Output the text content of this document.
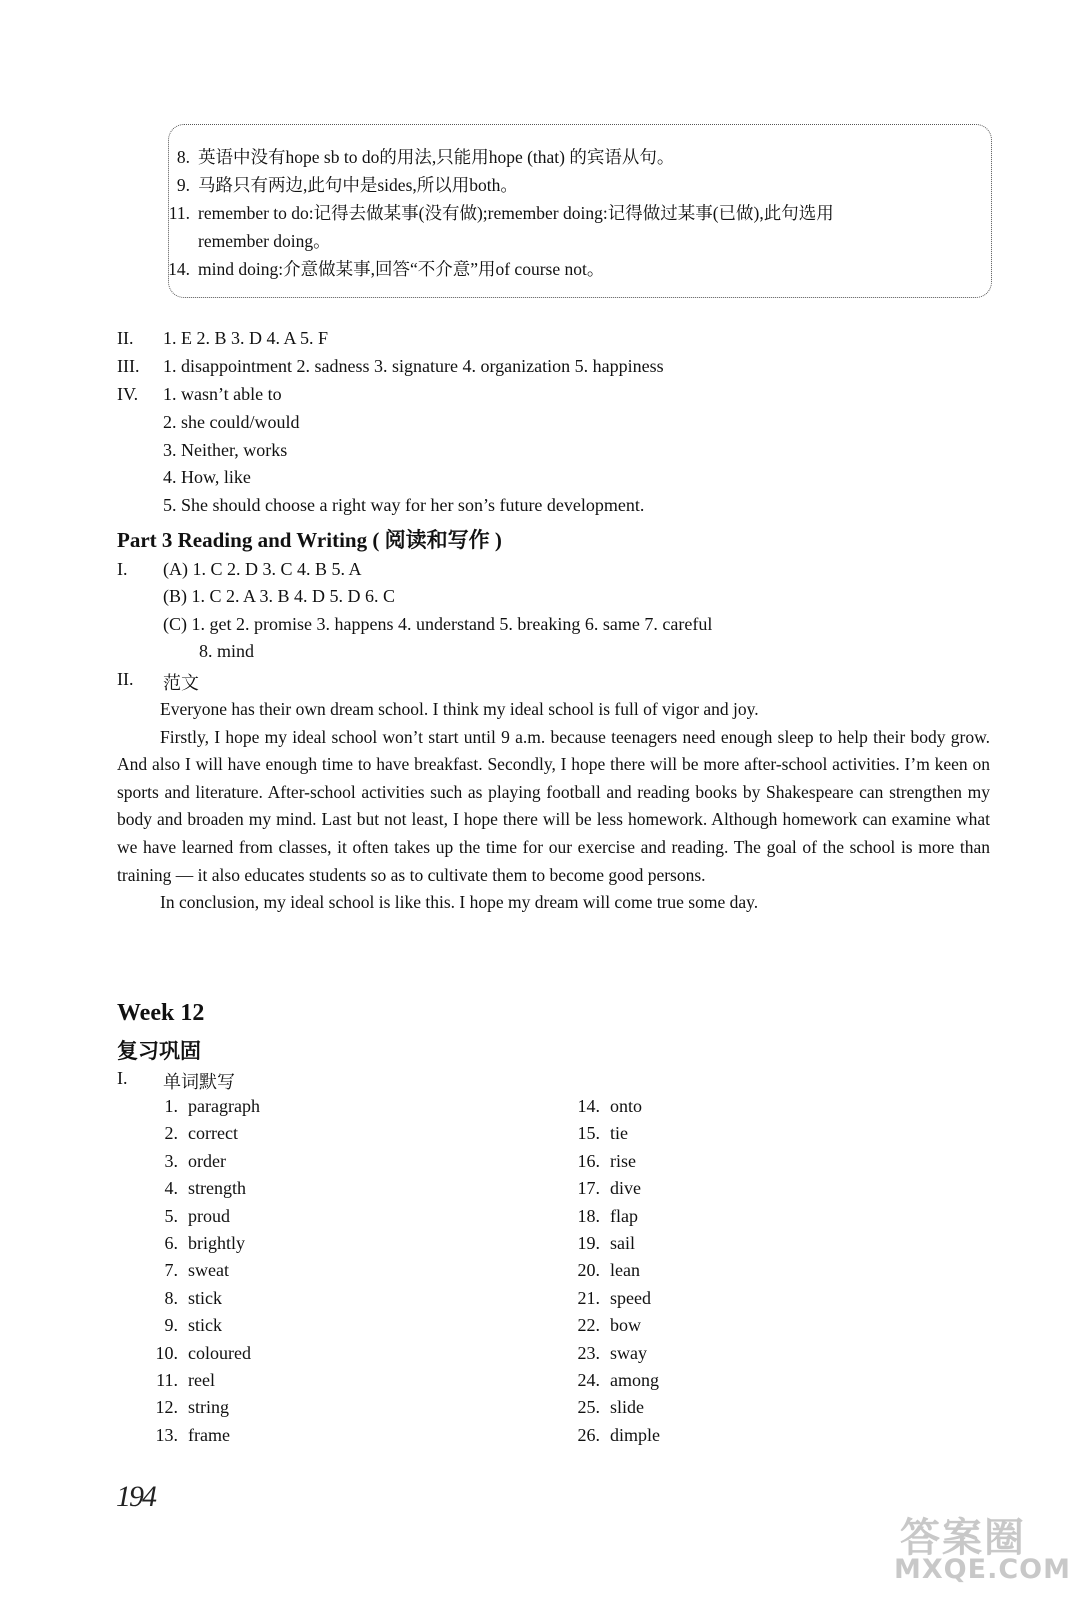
8. 英语中没有hope sb to do的用法,只能用hope (that) 的宾语从句。
9. 马路只有两边,此句中是sides,所以用both。
11. remember to do:记得去做某事(没有做);remember doing:记得做过某事(已做),此句选用
remember doing。
14. mind doing:介意做某事,回答“不介意”用of course not。
II. 1. E 2. B 3. D 4. A 5. F
III. 1. disappointment 2. sadness 3. signature 4. organization 5. happiness
IV. 1. wasn’t able to
2. she could/would
3. Neither, works
4. How, like
5. She should choose a right way for her son’s future development.
Part 3 Reading and Writing ( 阅读和写作 )
I. (A) 1. C 2. D 3. C 4. B 5. A
(B) 1. C 2. A 3. B 4. D 5. D 6. C
(C) 1. get 2. promise 3. happens 4. understand 5. breaking 6. same 7. careful
8. mind
II. 范文

Everyone has their own dream school. I think my ideal school is full of vigor and joy.

Firstly, I hope my ideal school won’t start until 9 a.m. because teenagers need enough sleep to help their body grow. And also I will have enough time to have breakfast. Secondly, I hope there will be more after-school activities. I’m keen on sports and literature. After-school activities such as playing football and reading books by Shakespeare can strengthen my body and broaden my mind. Last but not least, I hope there will be less homework. Although homework can examine what we have learned from classes, it often takes up the time for our exercise and reading. The goal of the school is more than training — it also educates students so as to cultivate them to become good persons.

In conclusion, my ideal school is like this. I hope my dream will come true some day.

Week 12
复习巩固
I. 单词默写
1. paragraph
2. correct
3. order
4. strength
5. proud
6. brightly
7. sweat
8. stick
9. stick
10. coloured
11. reel
12. string
13. frame
14. onto
15. tie
16. rise
17. dive
18. flap
19. sail
20. lean
21. speed
22. bow
23. sway
24. among
25. slide
26. dimple
194
答案圈
MXQE.COM
